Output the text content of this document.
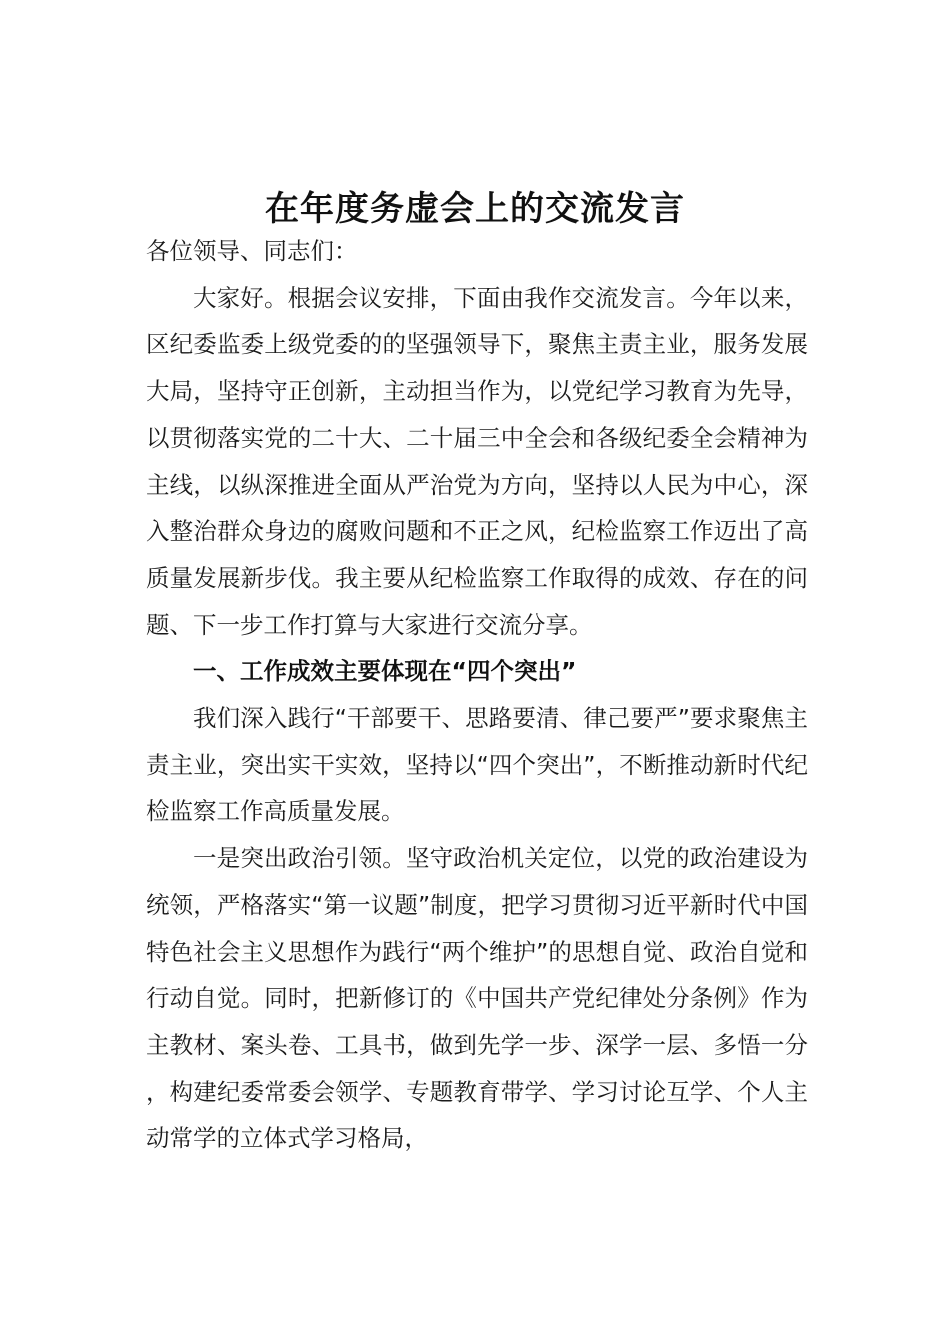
在年度务虚会上的交流发言

各位领导、同志们：

大家好。根据会议安排，下面由我作交流发言。今年以来，区纪委监委上级党委的的坚强领导下，聚焦主责主业，服务发展大局，坚持守正创新，主动担当作为，以党纪学习教育为先导，以贯彻落实党的二十大、二十届三中全会和各级纪委全会精神为主线，以纵深推进全面从严治党为方向，坚持以人民为中心，深入整治群众身边的腐败问题和不正之风，纪检监察工作迈出了高质量发展新步伐。我主要从纪检监察工作取得的成效、存在的问题、下一步工作打算与大家进行交流分享。

一、工作成效主要体现在“四个突出”

我们深入践行“干部要干、思路要清、律己要严”要求聚焦主责主业，突出实干实效，坚持以“四个突出”，不断推动新时代纪检监察工作高质量发展。

一是突出政治引领。坚守政治机关定位，以党的政治建设为统领，严格落实“第一议题”制度，把学习贯彻习近平新时代中国特色社会主义思想作为践行“两个维护”的思想自觉、政治自觉和行动自觉。同时，把新修订的《中国共产党纪律处分条例》作为主教材、案头卷、工具书，做到先学一步、深学一层、多悟一分，构建纪委常委会领学、专题教育带学、学习讨论互学、个人主动常学的立体式学习格局，
